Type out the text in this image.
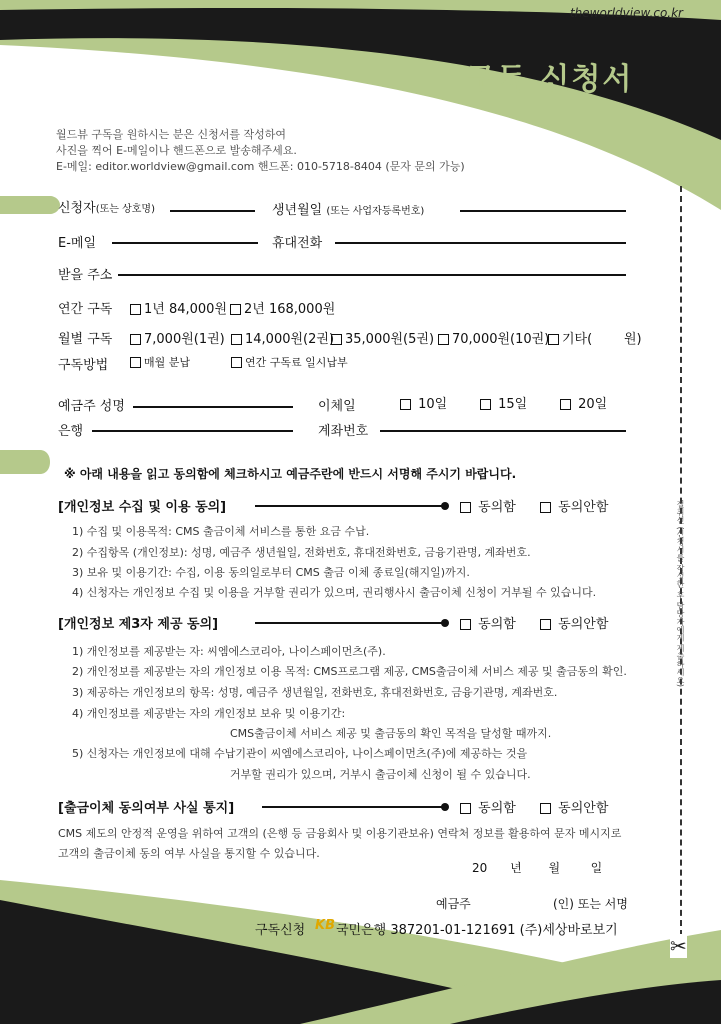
theworldview.co.kr
구독 신청서
월드뷰 구독을 원하시는 분은 신청서를 작성하여
사진을 찍어 E-메일이나 핸드폰으로 발송해주세요.
E-메일: editor.worldview@gmail.com 핸드폰: 010-5718-8404 (문자 문의 가능)
신청자(또는 상호명)	생년월일 (또는 사업자등록번호)
E-메일	휴대전화
받을 주소
연간 구독	1년 84,000원	2년 168,000원
월별 구독	7,000원(1권)	14,000원(2권) 35,000원(5권)	70,000원(10권) 기타( 원)
구독방법	매월 분납	연간 구독료 일시납부
예금주 성명	이체일	10일	15일	20일
은행	계좌번호
※ 아래 내용을 읽고 동의함에 체크하시고 예금주란에 반드시 서명해 주시기 바랍니다.
[개인정보 수집 및 이용 동의]	동의함	동의안함
1) 수집 및 이용목적: CMS 출금이체 서비스를 통한 요금 수납.
2) 수집항목 (개인정보): 성명, 예금주 생년월일, 전화번호, 휴대전화번호, 금융기관명, 계좌번호.
3) 보유 및 이용기간: 수집, 이용 동의일로부터 CMS 출금 이체 종료일(해지일)까지.
4) 신청자는 개인정보 수집 및 이용을 거부할 권리가 있으며, 권리행사시 출금이체 신청이 거부될 수 있습니다.
[개인정보 제3자 제공 동의]	동의함	동의안함
1) 개인정보를 제공받는 자: 씨엠에스코리아, 나이스페이먼츠(주).
2) 개인정보를 제공받는 자의 개인정보 이용 목적: CMS프로그램 제공, CMS출금이체 서비스 제공 및 출금동의 확인.
3) 제공하는 개인정보의 항목: 성명, 예금주 생년월일, 전화번호, 휴대전화번호, 금융기관명, 계좌번호.
4) 개인정보를 제공받는 자의 개인정보 보유 및 이용기간:
CMS출금이체 서비스 제공 및 출금동의 확인 목적을 달성할 때까지.
5) 신청자는 개인정보에 대해 수납기관이 씨엠에스코리아, 나이스페이먼츠(주)에 제공하는 것을
거부할 권리가 있으며, 거부시 출금이체 신청이 될 수 있습니다.
[출금이체 동의여부 사실 통지]	동의함	동의안함
CMS 제도의 안정적 운영을 위하여 고객의 (은행 등 금융회사 및 이용기관보유) 연락처 정보를 활용하여 문자 메시지로
고객의 출금이체 동의 여부 사실을 통지할 수 있습니다.
20 년 월	일
예금주	(인) 또는 서명
구독신청 KB 국민은행 387201-01-121691 (주)세상바로보기
절취선 (신청서를 작성한 후 담당자에게 제출하세요)
✂
